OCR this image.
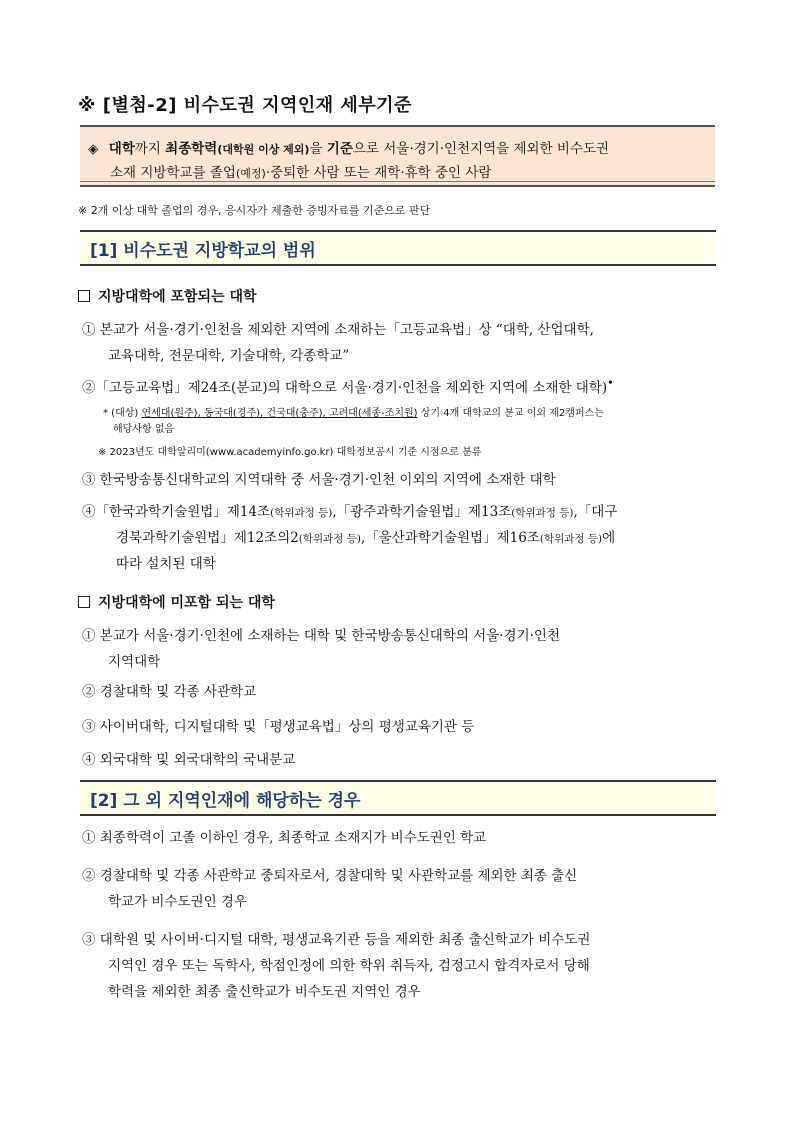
※ [별첨-2] 비수도권 지역인재 세부기준
◈ 대학까지 최종학력(대학원 이상 제외)을 기준으로 서울·경기·인천지역을 제외한 비수도권
소재 지방학교를 졸업(예정)·중퇴한 사람 또는 재학·휴학 중인 사람
※ 2개 이상 대학 졸업의 경우, 응시자가 제출한 증빙자료를 기준으로 판단
[1] 비수도권 지방학교의 범위
지방대학에 포함되는 대학
① 본교가 서울·경기·인천을 제외한 지역에 소재하는「고등교육법」상 “대학, 산업대학,
교육대학, 전문대학, 기술대학, 각종학교”
②「고등교육법」제24조(분교)의 대학으로 서울·경기·인천을 제외한 지역에 소재한 대학)•
* (대상) 연세대(원주), 동국대(경주), 건국대(충주), 고려대(세종-조치원) 상기 4개 대학교의 분교 이외 제2캠퍼스는
해당사항 없음
※ 2023년도 대학알리미(www.academyinfo.go.kr) 대학정보공시 기준 시점으로 분류
③ 한국방송통신대학교의 지역대학 중 서울·경기·인천 이외의 지역에 소재한 대학
④「한국과학기술원법」제14조(학위과정 등),「광주과학기술원법」제13조(학위과정 등),「대구
경북과학기술원법」제12조의2(학위과정 등),「울산과학기술원법」제16조(학위과정 등)에
따라 설치된 대학
지방대학에 미포함 되는 대학
① 본교가 서울·경기·인천에 소재하는 대학 및 한국방송통신대학의 서울·경기·인천
지역대학
② 경찰대학 및 각종 사관학교
③ 사이버대학, 디지털대학 및「평생교육법」상의 평생교육기관 등
④ 외국대학 및 외국대학의 국내분교
[2] 그 외 지역인재에 해당하는 경우
① 최종학력이 고졸 이하인 경우, 최종학교 소재지가 비수도권인 학교
② 경찰대학 및 각종 사관학교 중퇴자로서, 경찰대학 및 사관학교를 제외한 최종 출신
학교가 비수도권인 경우
③ 대학원 및 사이버·디지털 대학, 평생교육기관 등을 제외한 최종 출신학교가 비수도권
지역인 경우 또는 독학사, 학점인정에 의한 학위 취득자, 검정고시 합격자로서 당해
학력을 제외한 최종 출신학교가 비수도권 지역인 경우
